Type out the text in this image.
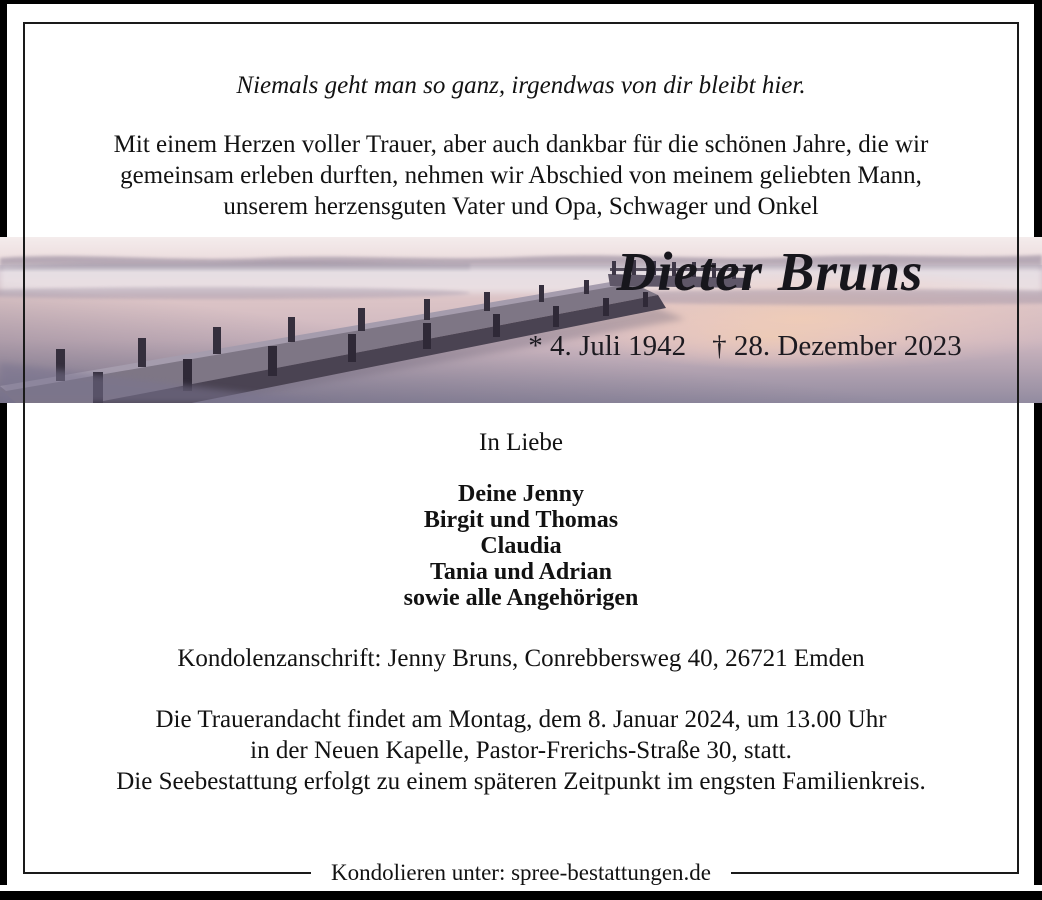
Dieter Bruns
* 4. Juli 1942 † 28. Dezember 2023
Niemals geht man so ganz, irgendwas von dir bleibt hier.
Mit einem Herzen voller Trauer, aber auch dankbar für die schönen Jahre, die wir
gemeinsam erleben durften, nehmen wir Abschied von meinem geliebten Mann,
unserem herzensguten Vater und Opa, Schwager und Onkel
In Liebe
Deine Jenny
Birgit und Thomas
Claudia
Tania und Adrian
sowie alle Angehörigen
Kondolenzanschrift: Jenny Bruns, Conrebbersweg 40, 26721 Emden
Die Trauerandacht findet am Montag, dem 8. Januar 2024, um 13.00 Uhr
in der Neuen Kapelle, Pastor-Frerichs-Straße 30, statt.
Die Seebestattung erfolgt zu einem späteren Zeitpunkt im engsten Familienkreis.
Kondolieren unter: spree-bestattungen.de
